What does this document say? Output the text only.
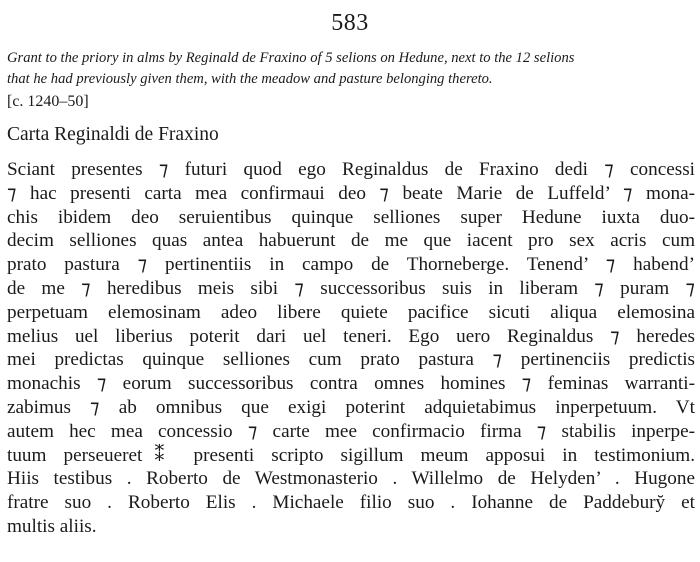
583
Grant to the priory in alms by Reginald de Fraxino of 5 selions on Hedune, next to the 12 selions
that he had previously given them, with the meadow and pasture belonging thereto.
[c. 1240–50]
Carta Reginaldi de Fraxino
Sciant presentes ⁊ futuri quod ego Reginaldus de Fraxino dedi ⁊ concessi
⁊ hac presenti carta mea confirmaui deo ⁊ beate Marie de Luffeld’ ⁊ mona-
chis ibidem deo seruientibus quinque selliones super Hedune iuxta duo-
decim selliones quas antea habuerunt de me que iacent pro sex acris cum
prato pastura ⁊ pertinentiis in campo de Thorneberge. Tenend’ ⁊ habend’
de me ⁊ heredibus meis sibi ⁊ successoribus suis in liberam ⁊ puram ⁊
perpetuam elemosinam adeo libere quiete pacifice sicuti aliqua elemosina
melius uel liberius poterit dari uel teneri. Ego uero Reginaldus ⁊ heredes
mei predictas quinque selliones cum prato pastura ⁊ pertinenciis predictis
monachis ⁊ eorum successoribus contra omnes homines ⁊ feminas warranti-
zabimus ⁊ ab omnibus que exigi poterint adquietabimus inperpetuum. Vt
autem hec mea concessio ⁊ carte mee confirmacio firma ⁊ stabilis inperpe-
tuum perseueret⁑ presenti scripto sigillum meum apposui in testimonium.
Hiis testibus . Roberto de Westmonasterio . Willelmo de Helyden’ . Hugone
fratre suo . Roberto Elis . Michaele filio suo . Iohanne de Paddebury̆ et
multis aliis.
